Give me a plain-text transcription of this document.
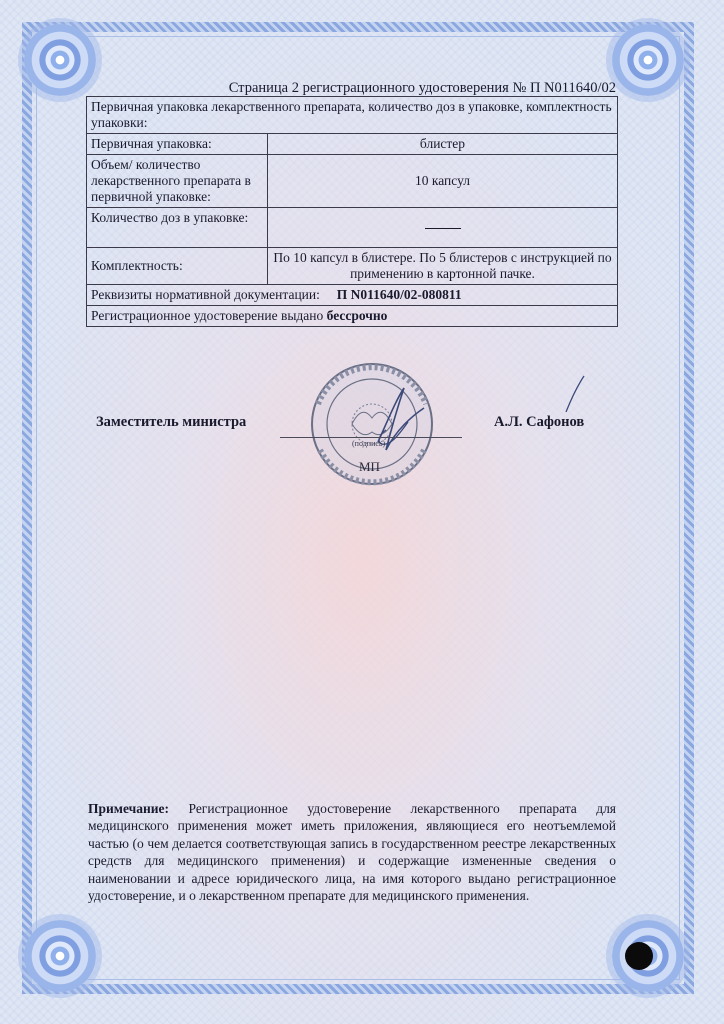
Страница 2 регистрационного удостоверения № П N011640/02
Первичная упаковка лекарственного препарата, количество доз в упаковке, комплектность упаковки:	
Первичная упаковка:	блистер
Объем/ количество лекарственного препарата в первичной упаковке:	10 капсул
Количество доз в упаковке:	
Комплектность:	По 10 капсул в блистере. По 5 блистеров с инструкцией по применению в картонной пачке.
Реквизиты нормативной документации: П N011640/02-080811	
Регистрационное удостоверение выдано бессрочно	
Заместитель министра
(подпись)
МП
А.Л. Сафонов
Примечание: Регистрационное удостоверение лекарственного препарата для медицинского применения может иметь приложения, являющиеся его неотъемлемой частью (о чем делается соответствующая запись в государственном реестре лекарственных средств для медицинского применения) и содержащие измененные сведения о наименовании и адресе юридического лица, на имя которого выдано регистрационное удостоверение, и о лекарственном препарате для медицинского применения.
